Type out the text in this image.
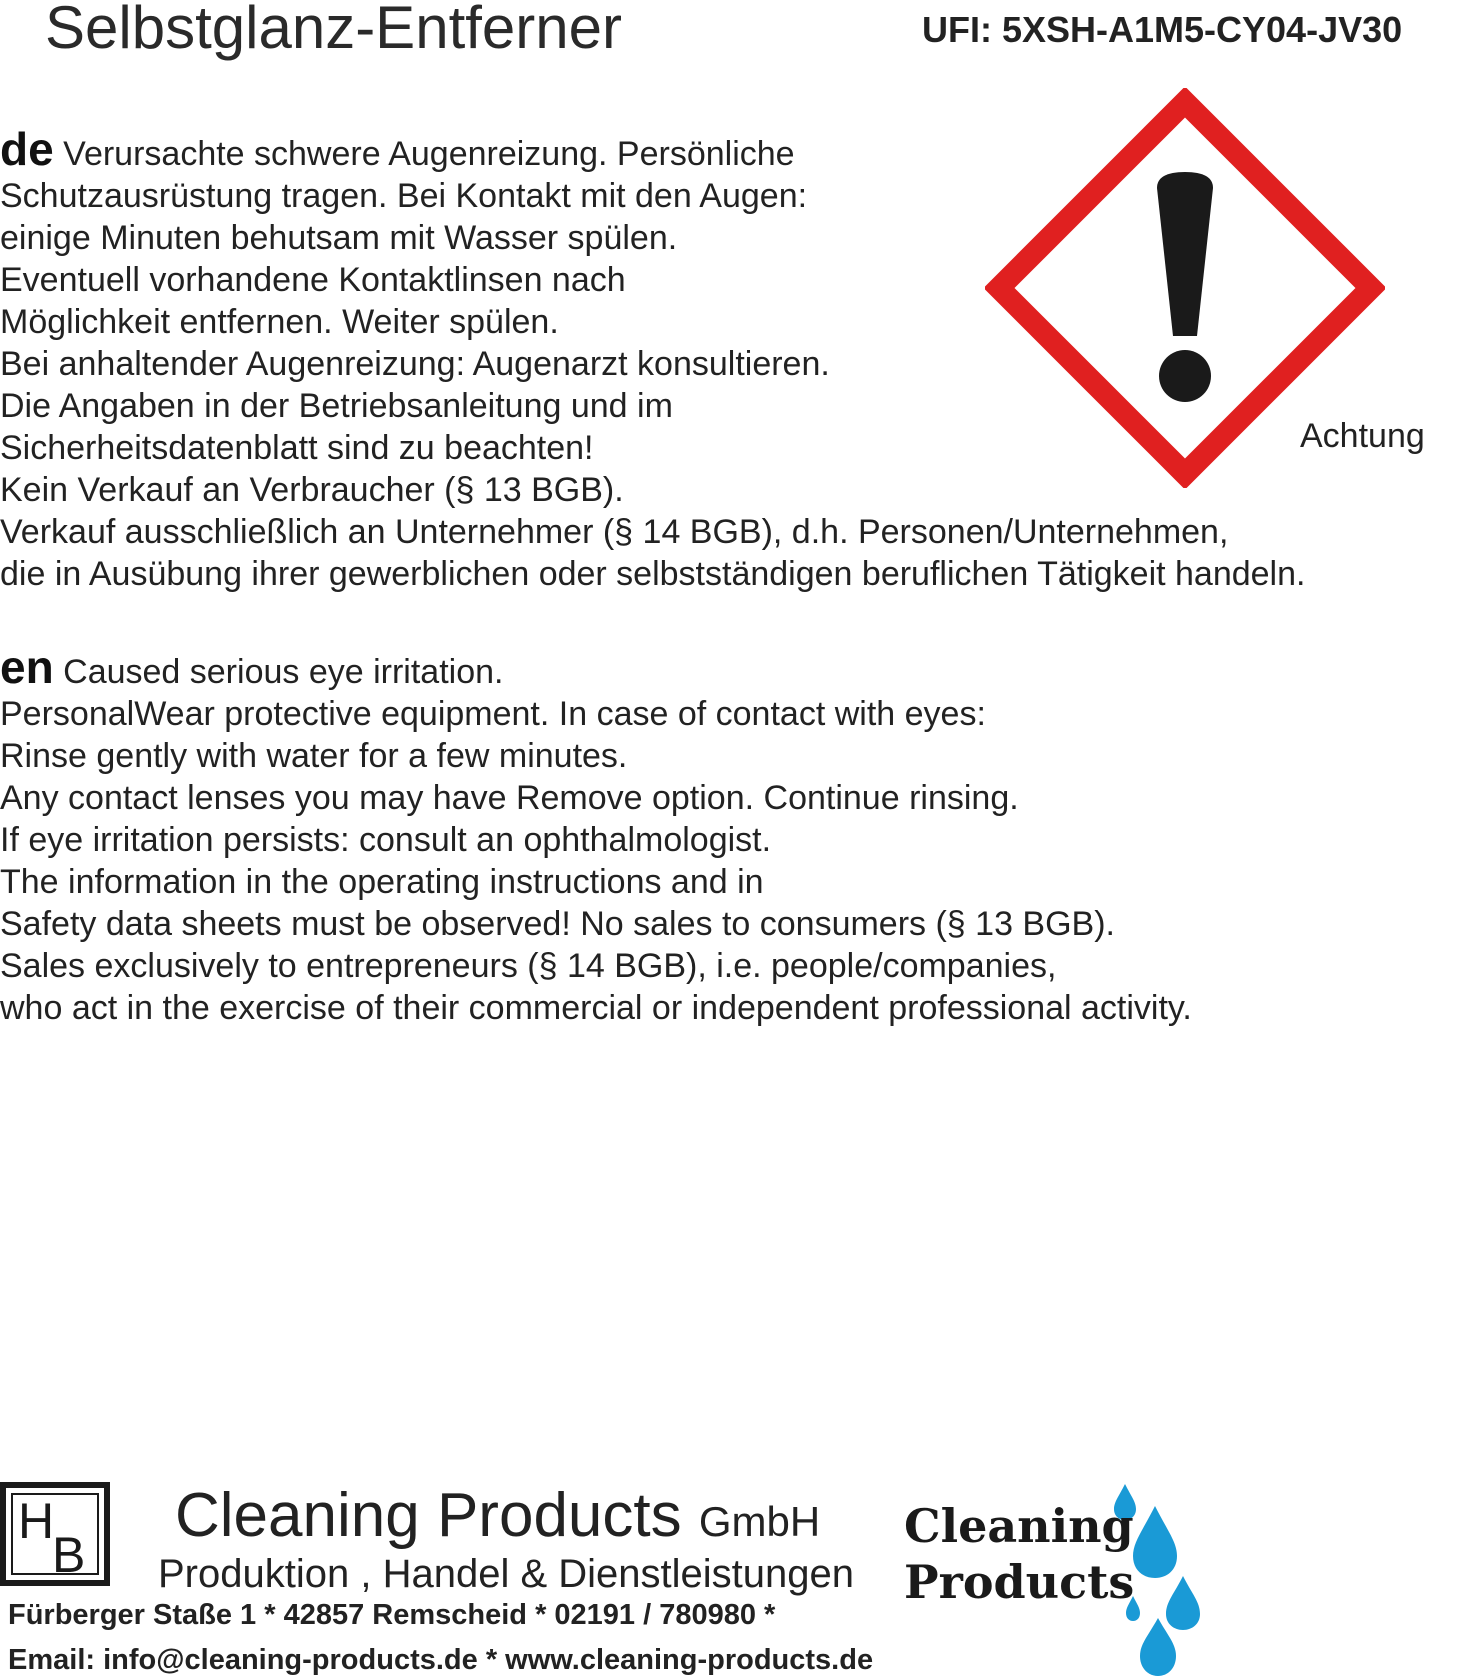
Selbstglanz-Entferner	UFI: 5XSH-A1M5-CY04-JV30
de Verursachte schwere Augenreizung. Persönliche
Schutzausrüstung tragen. Bei Kontakt mit den Augen:
einige Minuten behutsam mit Wasser spülen.
Eventuell vorhandene Kontaktlinsen nach
Möglichkeit entfernen. Weiter spülen.
Bei anhaltender Augenreizung: Augenarzt konsultieren.
Die Angaben in der Betriebsanleitung und im
Sicherheitsdatenblatt sind zu beachten!
Kein Verkauf an Verbraucher (§ 13 BGB).
Verkauf ausschließlich an Unternehmer (§ 14 BGB), d.h. Personen/Unternehmen,
die in Ausübung ihrer gewerblichen oder selbstständigen beruflichen Tätigkeit handeln.
Achtung
en Caused serious eye irritation.
PersonalWear protective equipment. In case of contact with eyes:
Rinse gently with water for a few minutes.
Any contact lenses you may have Remove option. Continue rinsing.
If eye irritation persists: consult an ophthalmologist.
The information in the operating instructions and in
Safety data sheets must be observed! No sales to consumers (§ 13 BGB).
Sales exclusively to entrepreneurs (§ 14 BGB), i.e. people/companies,
who act in the exercise of their commercial or independent professional activity.
H
B
Cleaning Products GmbH
Produktion , Handel & Dienstleistungen
Fürberger Staße 1 * 42857 Remscheid * 02191 / 780980 *
Email: info@cleaning-products.de * www.cleaning-products.de
Cleaning
Products
